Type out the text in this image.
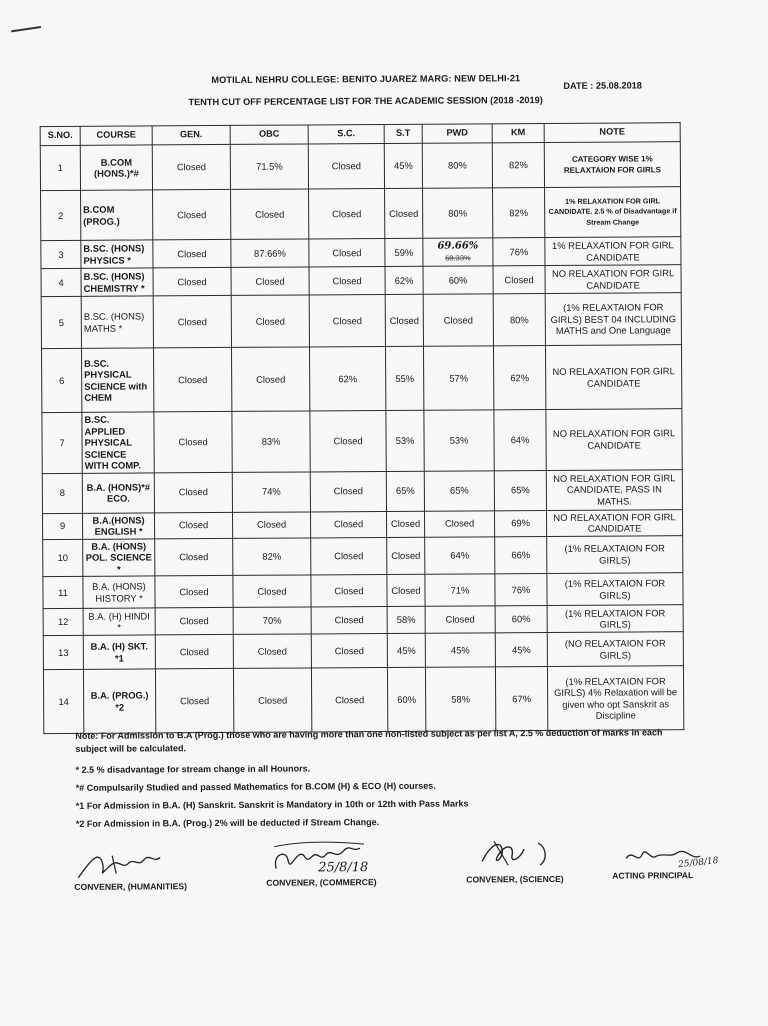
MOTILAL NEHRU COLLEGE: BENITO JUAREZ MARG: NEW DELHI-21
DATE : 25.08.2018
TENTH CUT OFF PERCENTAGE LIST FOR THE ACADEMIC SESSION (2018 -2019)
S.NO.	COURSE	GEN.	OBC	S.C.	S.T	PWD	KM	NOTE
1	B.COM (HONS.)*#	Closed	71.5%	Closed	45%	80%	82%	CATEGORY WISE 1% RELAXTAION FOR GIRLS
2	B.COM (PROG.)	Closed	Closed	Closed	Closed	80%	82%	1% RELAXATION FOR GIRL CANDIDATE. 2.5 % of Disadvantage if Stream Change
3	B.SC. (HONS) PHYSICS *	Closed	87.66%	Closed	59%	69.66%
68.33%	76%	1% RELAXATION FOR GIRL CANDIDATE
4	B.SC. (HONS) CHEMISTRY *	Closed	Closed	Closed	62%	60%	Closed	NO RELAXATION FOR GIRL CANDIDATE
5	B.SC. (HONS) MATHS *	Closed	Closed	Closed	Closed	Closed	80%	(1% RELAXTAION FOR GIRLS) BEST 04 INCLUDING MATHS and One Language
6	B.SC. PHYSICAL SCIENCE with CHEM	Closed	Closed	62%	55%	57%	62%	NO RELAXATION FOR GIRL CANDIDATE
7	B.SC. APPLIED PHYSICAL SCIENCE WITH COMP.	Closed	83%	Closed	53%	53%	64%	NO RELAXATION FOR GIRL CANDIDATE
8	B.A. (HONS)*# ECO.	Closed	74%	Closed	65%	65%	65%	NO RELAXATION FOR GIRL CANDIDATE, PASS IN MATHS.
9	B.A.(HONS) ENGLISH *	Closed	Closed	Closed	Closed	Closed	69%	NO RELAXATION FOR GIRL CANDIDATE
10	B.A. (HONS) POL. SCIENCE *	Closed	82%	Closed	Closed	64%	66%	(1% RELAXTAION FOR GIRLS)
11	B.A. (HONS) HISTORY *	Closed	Closed	Closed	Closed	71%	76%	(1% RELAXTAION FOR GIRLS)
12	B.A. (H) HINDI *	Closed	70%	Closed	58%	Closed	60%	(1% RELAXTAION FOR GIRLS)
13	B.A. (H) SKT. *1	Closed	Closed	Closed	45%	45%	45%	(NO RELAXTAION FOR GIRLS)
14	B.A. (PROG.) *2	Closed	Closed	Closed	60%	58%	67%	(1% RELAXTAION FOR GIRLS) 4% Relaxation will be given who opt Sanskrit as Discipline

Note: For Admission to B.A (Prog.) those who are having more than one non-listed subject as per list A, 2.5 % deduction of marks in each subject will be calculated.

* 2.5 % disadvantage for stream change in all Hounors.

*# Compulsarily Studied and passed Mathematics for B.COM (H) & ECO (H) courses.

*1 For Admission in B.A. (H) Sanskrit. Sanskrit is Mandatory in 10th or 12th with Pass Marks

*2 For Admission in B.A. (Prog.) 2% will be deducted if Stream Change.

CONVENER, (HUMANITIES)
25/8/18
CONVENER, (COMMERCE)	CONVENER, (SCIENCE)
25/08/18
ACTING PRINCIPAL
